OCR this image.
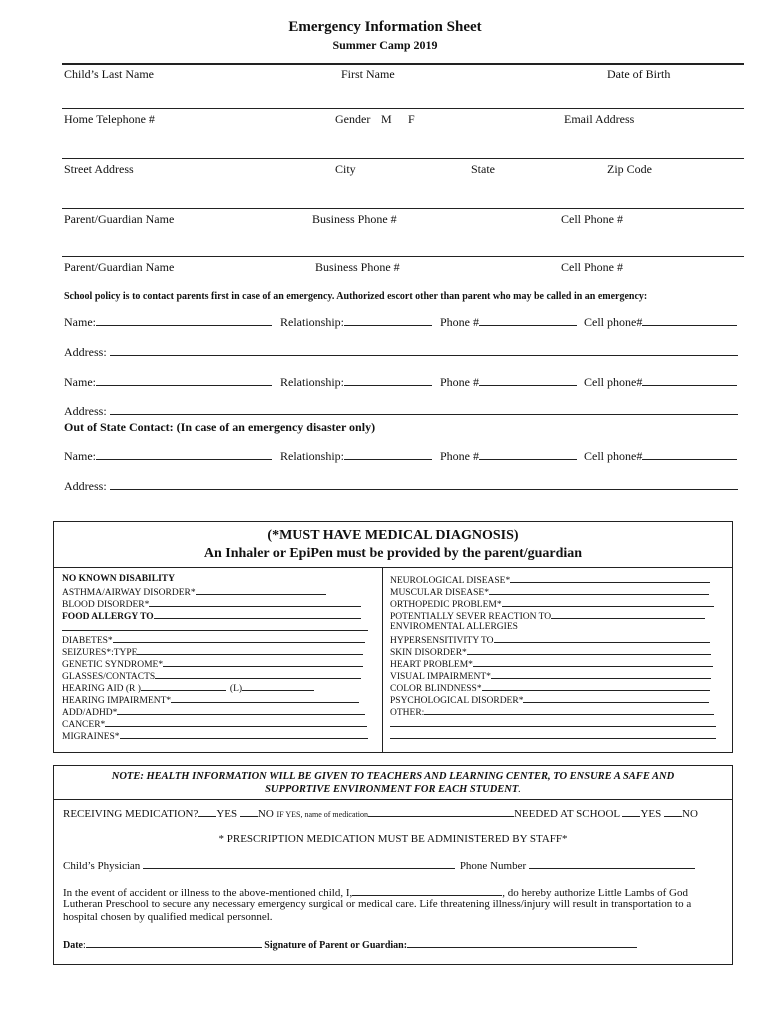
Emergency Information Sheet
Summer Camp 2019
Child’s Last Name	First Name	Date of Birth
Home Telephone #	Gender M F	Email Address
Street Address	City	State	Zip Code
Parent/Guardian Name	Business Phone #	Cell Phone #
Parent/Guardian Name	Business Phone #	Cell Phone #
School policy is to contact parents first in case of an emergency. Authorized escort other than parent who may be called in an emergency:
Name:	Relationship:	Phone #	Cell phone#
Address:
Name:	Relationship:	Phone #	Cell phone#
Address:
Out of State Contact: (In case of an emergency disaster only)
Name:	Relationship:	Phone #	Cell phone#
Address:
(*MUST HAVE MEDICAL DIAGNOSIS)
An Inhaler or EpiPen must be provided by the parent/guardian
NO KNOWN DISABILITY
ASTHMA/AIRWAY DISORDER*
BLOOD DISORDER*
FOOD ALLERGY TO
DIABETES*
SEIZURES*:TYPE
GENETIC SYNDROME*
GLASSES/CONTACTS
HEARING AID (R )	(L)
HEARING IMPAIRMENT*
ADD/ADHD*
CANCER*
MIGRAINES*
NEUROLOGICAL DISEASE*
MUSCULAR DISEASE*
ORTHOPEDIC PROBLEM*
POTENTIALLY SEVER REACTION TO
ENVIROMENTAL ALLERGIES
HYPERSENSITIVITY TO
SKIN DISORDER*
HEART PROBLEM*
VISUAL IMPAIRMENT*
COLOR BLINDNESS*
PSYCHOLOGICAL DISORDER*
OTHER:
NOTE: HEALTH INFORMATION WILL BE GIVEN TO TEACHERS AND LEARNING CENTER, TO ENSURE A SAFE AND
SUPPORTIVE ENVIRONMENT FOR EACH STUDENT.
RECEIVING MEDICATION? YES NO IF YES, name of medication	NEEDED AT SCHOOL YES NO
* PRESCRIPTION MEDICATION MUST BE ADMINISTERED BY STAFF*
Child’s Physician	Phone Number
In the event of accident or illness to the above-mentioned child, I,	, do hereby authorize Little Lambs of God
Lutheran Preschool to secure any necessary emergency surgical or medical care. Life threatening illness/injury will result in transportation to a
hospital chosen by qualified medical personnel.
Date:	Signature of Parent or Guardian:
